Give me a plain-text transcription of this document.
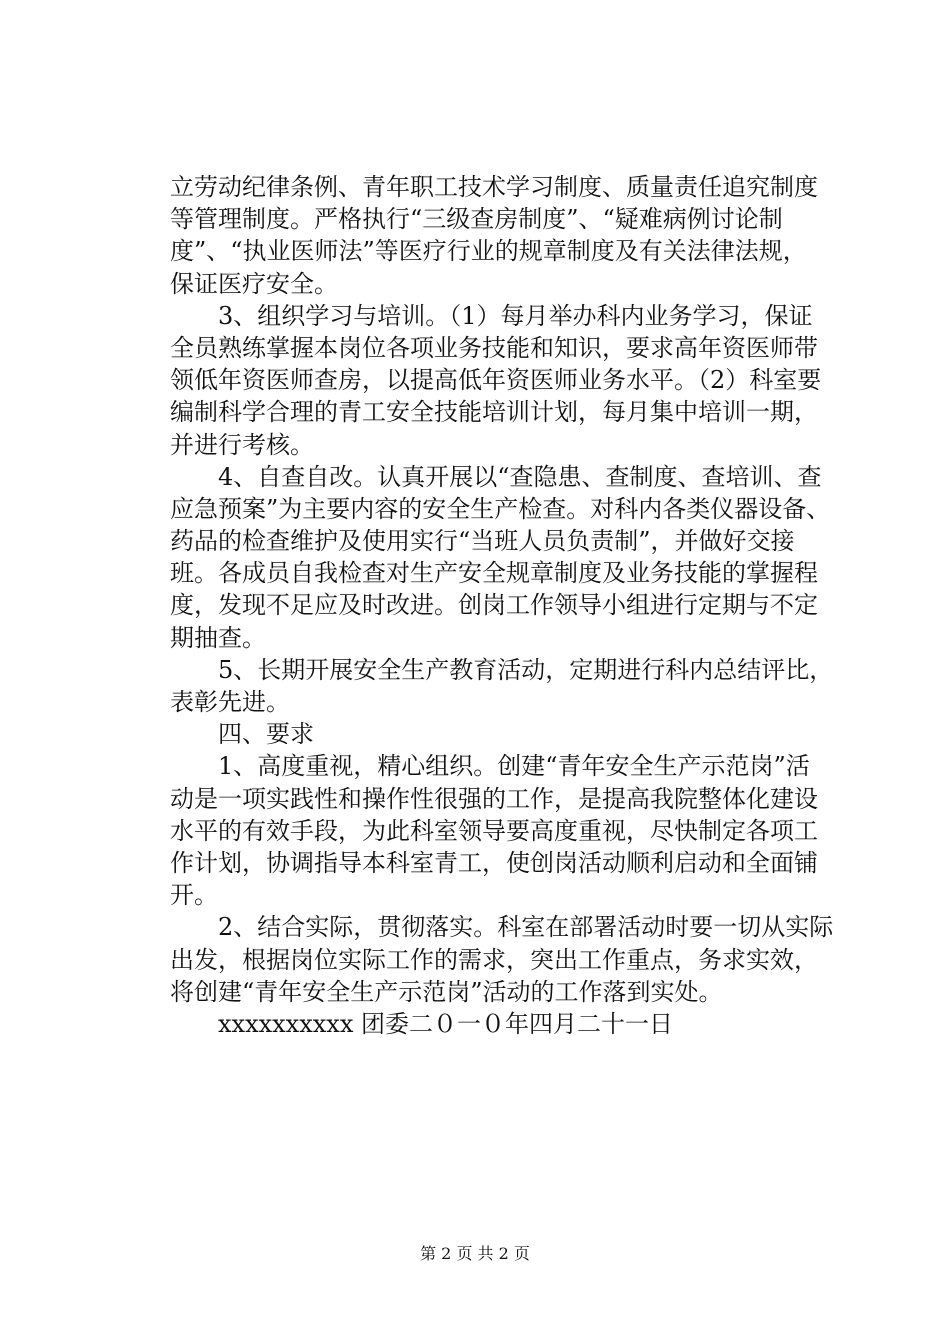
立劳动纪律条例、青年职工技术学习制度、质量责任追究制度
等管理制度。严格执行“三级查房制度”、“疑难病例讨论制
度”、“执业医师法”等医疗行业的规章制度及有关法律法规，
保证医疗安全。
　　3、组织学习与培训。（1）每月举办科内业务学习，保证
全员熟练掌握本岗位各项业务技能和知识，要求高年资医师带
领低年资医师查房，以提高低年资医师业务水平。（2）科室要
编制科学合理的青工安全技能培训计划，每月集中培训一期，
并进行考核。
　　4、自查自改。认真开展以“查隐患、查制度、查培训、查
应急预案”为主要内容的安全生产检查。对科内各类仪器设备、
药品的检查维护及使用实行“当班人员负责制”，并做好交接
班。各成员自我检查对生产安全规章制度及业务技能的掌握程
度，发现不足应及时改进。创岗工作领导小组进行定期与不定
期抽查。
　　5、长期开展安全生产教育活动，定期进行科内总结评比，
表彰先进。
　　四、要求
　　1、高度重视，精心组织。创建“青年安全生产示范岗”活
动是一项实践性和操作性很强的工作，是提高我院整体化建设
水平的有效手段，为此科室领导要高度重视，尽快制定各项工
作计划，协调指导本科室青工，使创岗活动顺利启动和全面铺
开。
　　2、结合实际，贯彻落实。科室在部署活动时要一切从实际
出发，根据岗位实际工作的需求，突出工作重点，务求实效，
将创建“青年安全生产示范岗”活动的工作落到实处。
　　xxxxxxxxxx 团委二０一０年四月二十一日
第 2 页 共 2 页
